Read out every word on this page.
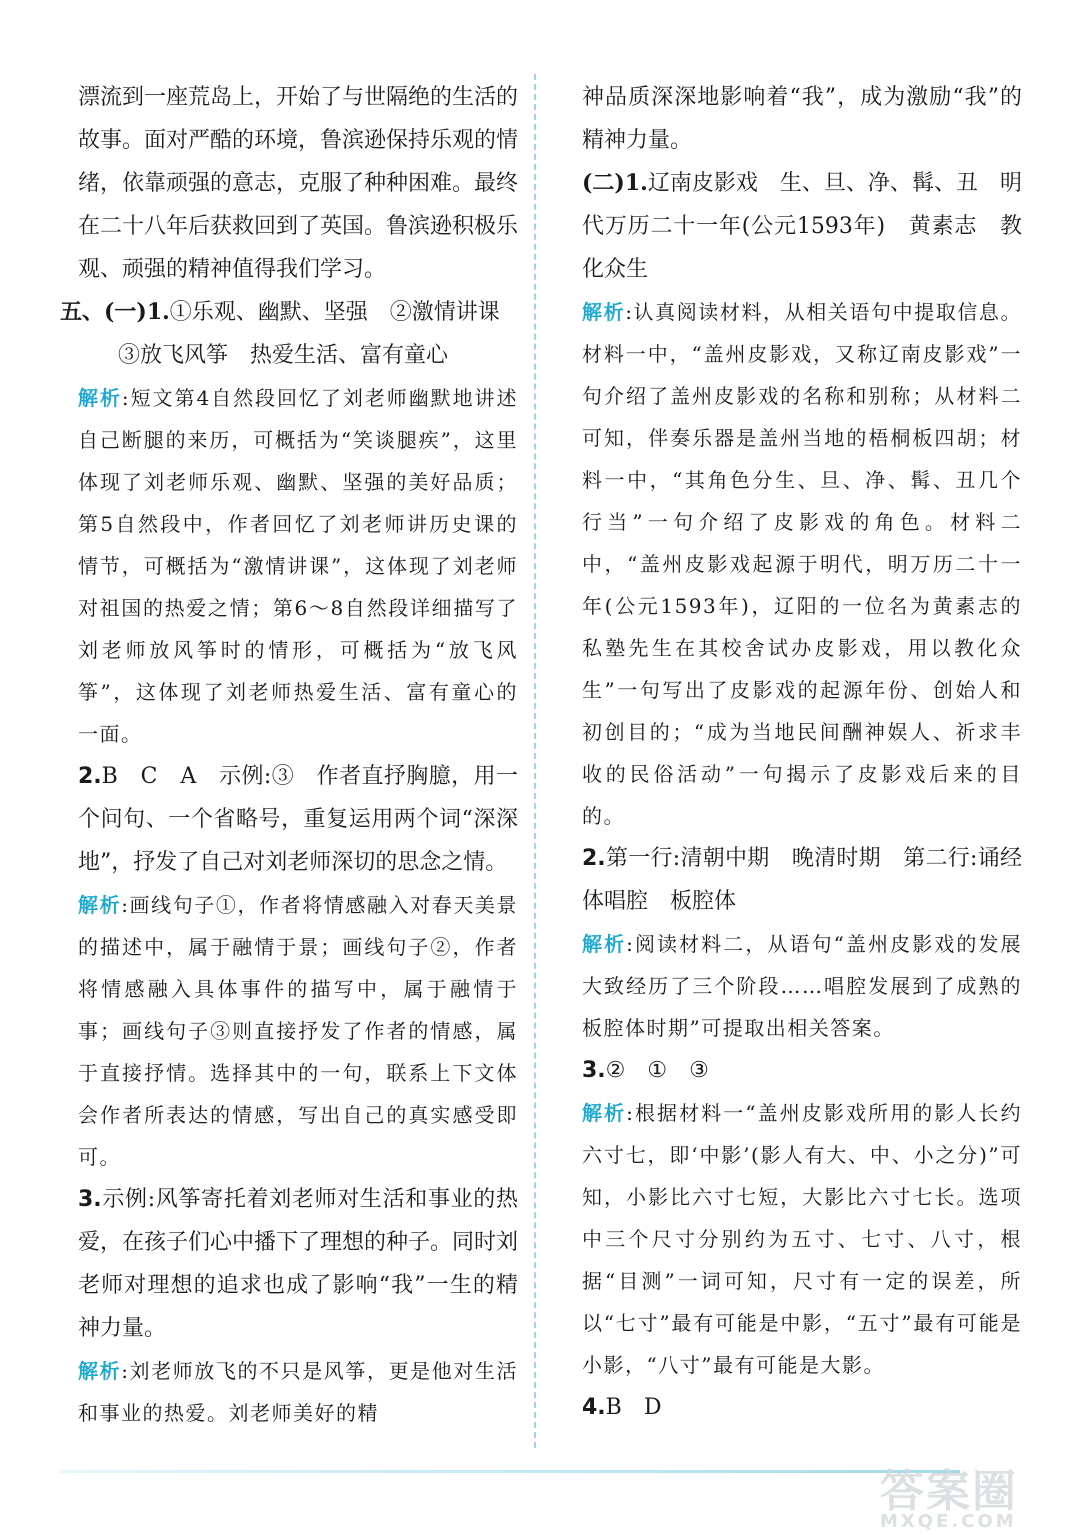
漂流到一座荒岛上，开始了与世隔绝的生活的故事。面对严酷的环境，鲁滨逊保持乐观的情绪，依靠顽强的意志，克服了种种困难。最终在二十八年后获救回到了英国。鲁滨逊积极乐观、顽强的精神值得我们学习。

五、(一)1.①乐观、幽默、坚强　②激情讲课

③放飞风筝　热爱生活、富有童心

解析:短文第4自然段回忆了刘老师幽默地讲述自己断腿的来历，可概括为“笑谈腿疾”，这里体现了刘老师乐观、幽默、坚强的美好品质；第5自然段中，作者回忆了刘老师讲历史课的情节，可概括为“激情讲课”，这体现了刘老师对祖国的热爱之情；第6～8自然段详细描写了刘老师放风筝时的情形，可概括为“放飞风筝”，这体现了刘老师热爱生活、富有童心的一面。

2.B　C　A　示例:③　作者直抒胸臆，用一个问句、一个省略号，重复运用两个词“深深地”，抒发了自己对刘老师深切的思念之情。

解析:画线句子①，作者将情感融入对春天美景的描述中，属于融情于景；画线句子②，作者将情感融入具体事件的描写中，属于融情于事；画线句子③则直接抒发了作者的情感，属于直接抒情。选择其中的一句，联系上下文体会作者所表达的情感，写出自己的真实感受即可。

3.示例:风筝寄托着刘老师对生活和事业的热爱，在孩子们心中播下了理想的种子。同时刘老师对理想的追求也成了影响“我”一生的精神力量。

解析:刘老师放飞的不只是风筝，更是他对生活和事业的热爱。刘老师美好的精

神品质深深地影响着“我”，成为激励“我”的精神力量。

(二)1.辽南皮影戏　生、旦、净、髯、丑　明代万历二十一年(公元1593年)　黄素志　教化众生

解析:认真阅读材料，从相关语句中提取信息。材料一中，“盖州皮影戏，又称辽南皮影戏”一句介绍了盖州皮影戏的名称和别称；从材料二可知，伴奏乐器是盖州当地的梧桐板四胡；材料一中，“其角色分生、旦、净、髯、丑几个行当”一句介绍了皮影戏的角色。材料二中，“盖州皮影戏起源于明代，明万历二十一年(公元1593年)，辽阳的一位名为黄素志的私塾先生在其校舍试办皮影戏，用以教化众生”一句写出了皮影戏的起源年份、创始人和初创目的；“成为当地民间酬神娱人、祈求丰收的民俗活动”一句揭示了皮影戏后来的目的。

2.第一行:清朝中期　晚清时期　第二行:诵经体唱腔　板腔体

解析:阅读材料二，从语句“盖州皮影戏的发展大致经历了三个阶段……唱腔发展到了成熟的板腔体时期”可提取出相关答案。

3.②　①　③

解析:根据材料一“盖州皮影戏所用的影人长约六寸七，即‘中影’(影人有大、中、小之分)”可知，小影比六寸七短，大影比六寸七长。选项中三个尺寸分别约为五寸、七寸、八寸，根据“目测”一词可知，尺寸有一定的误差，所以“七寸”最有可能是中影，“五寸”最有可能是小影，“八寸”最有可能是大影。

4.B　D

答案圈
MXQE.COM
